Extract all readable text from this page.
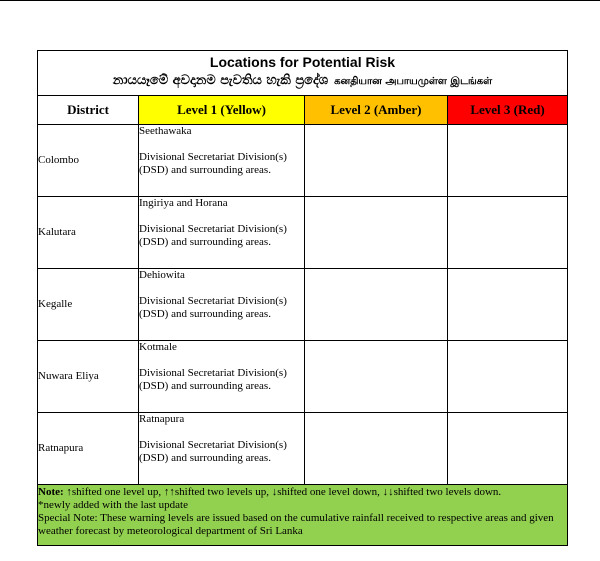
Locations for Potential Risk
නායයෑමේ අවදානම පැවතිය හැකි ප්‍රදේශ கனதியான அபாயமுள்ள இடங்கள்			

District	Level 1 (Yellow)	Level 2 (Amber)	Level 3 (Red)
Colombo	Seethawaka

Divisional Secretariat Division(s) (DSD) and surrounding areas.		

Kalutara	Ingiriya and Horana

Divisional Secretariat Division(s) (DSD) and surrounding areas.		

Kegalle	Dehiowita

Divisional Secretariat Division(s) (DSD) and surrounding areas.		

Nuwara Eliya	Kotmale

Divisional Secretariat Division(s) (DSD) and surrounding areas.		

Ratnapura	Ratnapura

Divisional Secretariat Division(s) (DSD) and surrounding areas.		

Note: ↑shifted one level up, ↑↑shifted two levels up, ↓shifted one level down, ↓↓shifted two levels down.
*newly added with the last update
Special Note: These warning levels are issued based on the cumulative rainfall received to respective areas and given weather forecast by meteorological department of Sri Lanka			
